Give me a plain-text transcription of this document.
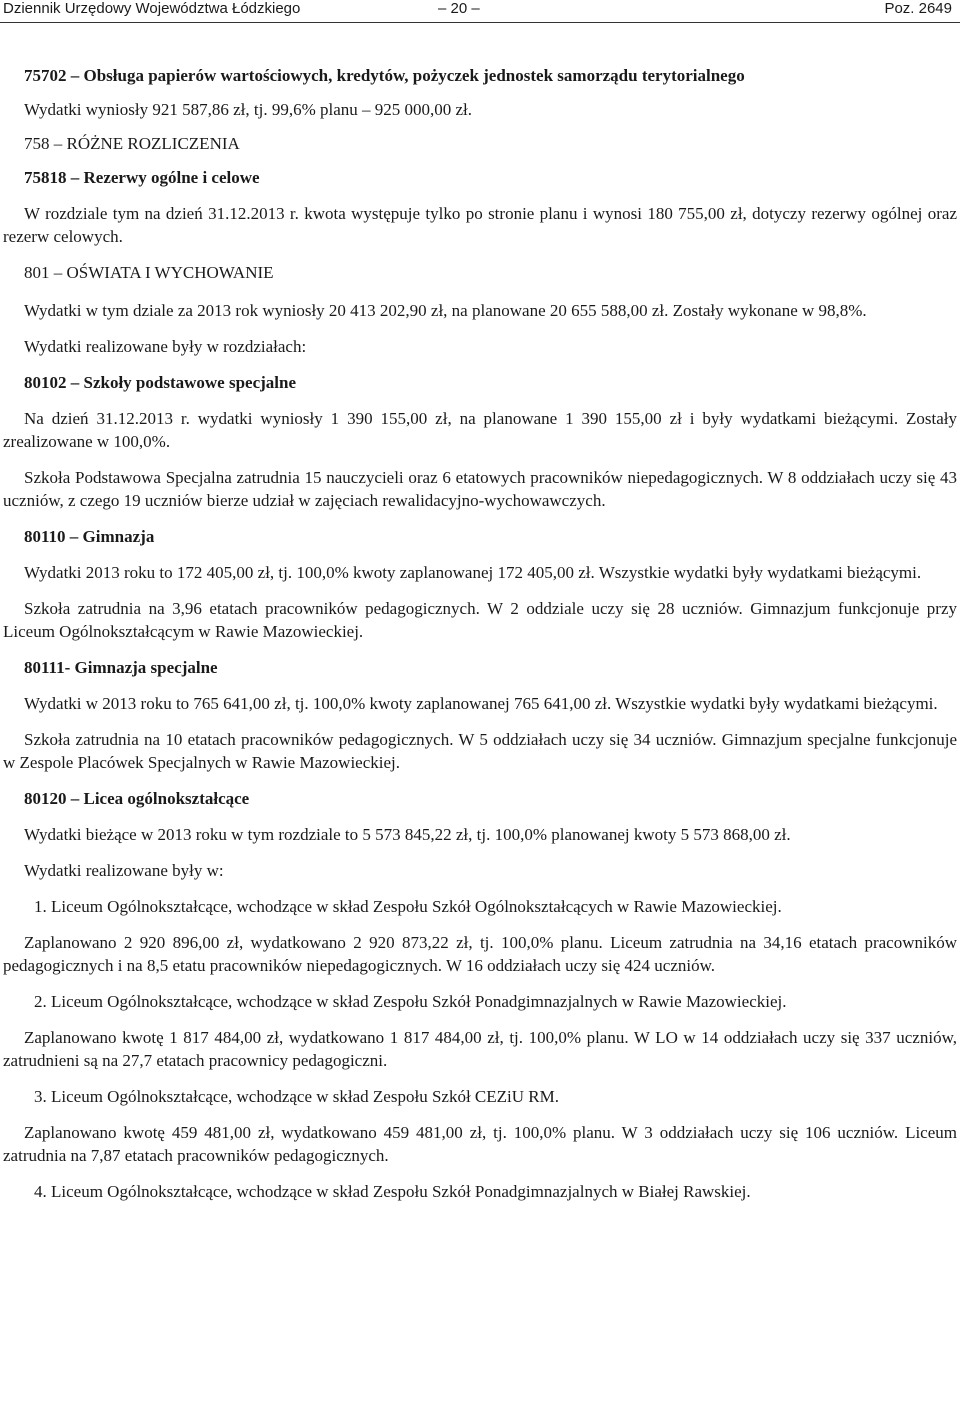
Dziennik Urzędowy Województwa Łódzkiego	– 20 –	Poz. 2649

75702 – Obsługa papierów wartościowych, kredytów, pożyczek jednostek samorządu terytorialnego

Wydatki wyniosły 921 587,86 zł, tj. 99,6% planu – 925 000,00 zł.

758 – RÓŻNE ROZLICZENIA

75818 – Rezerwy ogólne i celowe

W rozdziale tym na dzień 31.12.2013 r. kwota występuje tylko po stronie planu i wynosi 180 755,00 zł, dotyczy rezerwy ogólnej oraz rezerw celowych.

801 – OŚWIATA I WYCHOWANIE

Wydatki w tym dziale za 2013 rok wyniosły 20 413 202,90 zł, na planowane 20 655 588,00 zł. Zostały wykonane w 98,8%.

Wydatki realizowane były w rozdziałach:

80102 – Szkoły podstawowe specjalne

Na dzień 31.12.2013 r. wydatki wyniosły 1 390 155,00 zł, na planowane 1 390 155,00 zł i były wydatkami bieżącymi. Zostały zrealizowane w 100,0%.

Szkoła Podstawowa Specjalna zatrudnia 15 nauczycieli oraz 6 etatowych pracowników niepedagogicznych. W 8 oddziałach uczy się 43 uczniów, z czego 19 uczniów bierze udział w zajęciach rewalidacyjno-wychowawczych.

80110 – Gimnazja

Wydatki 2013 roku to 172 405,00 zł, tj. 100,0% kwoty zaplanowanej 172 405,00 zł. Wszystkie wydatki były wydatkami bieżącymi.

Szkoła zatrudnia na 3,96 etatach pracowników pedagogicznych. W 2 oddziale uczy się 28 uczniów. Gimnazjum funkcjonuje przy Liceum Ogólnokształcącym w Rawie Mazowieckiej.

80111- Gimnazja specjalne

Wydatki w 2013 roku to 765 641,00 zł, tj. 100,0% kwoty zaplanowanej 765 641,00 zł. Wszystkie wydatki były wydatkami bieżącymi.

Szkoła zatrudnia na 10 etatach pracowników pedagogicznych. W 5 oddziałach uczy się 34 uczniów. Gimnazjum specjalne funkcjonuje w Zespole Placówek Specjalnych w Rawie Mazowieckiej.

80120 – Licea ogólnokształcące

Wydatki bieżące w 2013 roku w tym rozdziale to 5 573 845,22 zł, tj. 100,0% planowanej kwoty 5 573 868,00 zł.

Wydatki realizowane były w:

1. Liceum Ogólnokształcące, wchodzące w skład Zespołu Szkół Ogólnokształcących w Rawie Mazowieckiej.

Zaplanowano 2 920 896,00 zł, wydatkowano 2 920 873,22 zł, tj. 100,0% planu. Liceum zatrudnia na 34,16 etatach pracowników pedagogicznych i na 8,5 etatu pracowników niepedagogicznych. W 16 oddziałach uczy się 424 uczniów.

2. Liceum Ogólnokształcące, wchodzące w skład Zespołu Szkół Ponadgimnazjalnych w Rawie Mazowieckiej.

Zaplanowano kwotę 1 817 484,00 zł, wydatkowano 1 817 484,00 zł, tj. 100,0% planu. W LO w 14 oddziałach uczy się 337 uczniów, zatrudnieni są na 27,7 etatach pracownicy pedagogiczni.

3. Liceum Ogólnokształcące, wchodzące w skład Zespołu Szkół CEZiU RM.

Zaplanowano kwotę 459 481,00 zł, wydatkowano 459 481,00 zł, tj. 100,0% planu. W 3 oddziałach uczy się 106 uczniów. Liceum zatrudnia na 7,87 etatach pracowników pedagogicznych.

4. Liceum Ogólnokształcące, wchodzące w skład Zespołu Szkół Ponadgimnazjalnych w Białej Rawskiej.
